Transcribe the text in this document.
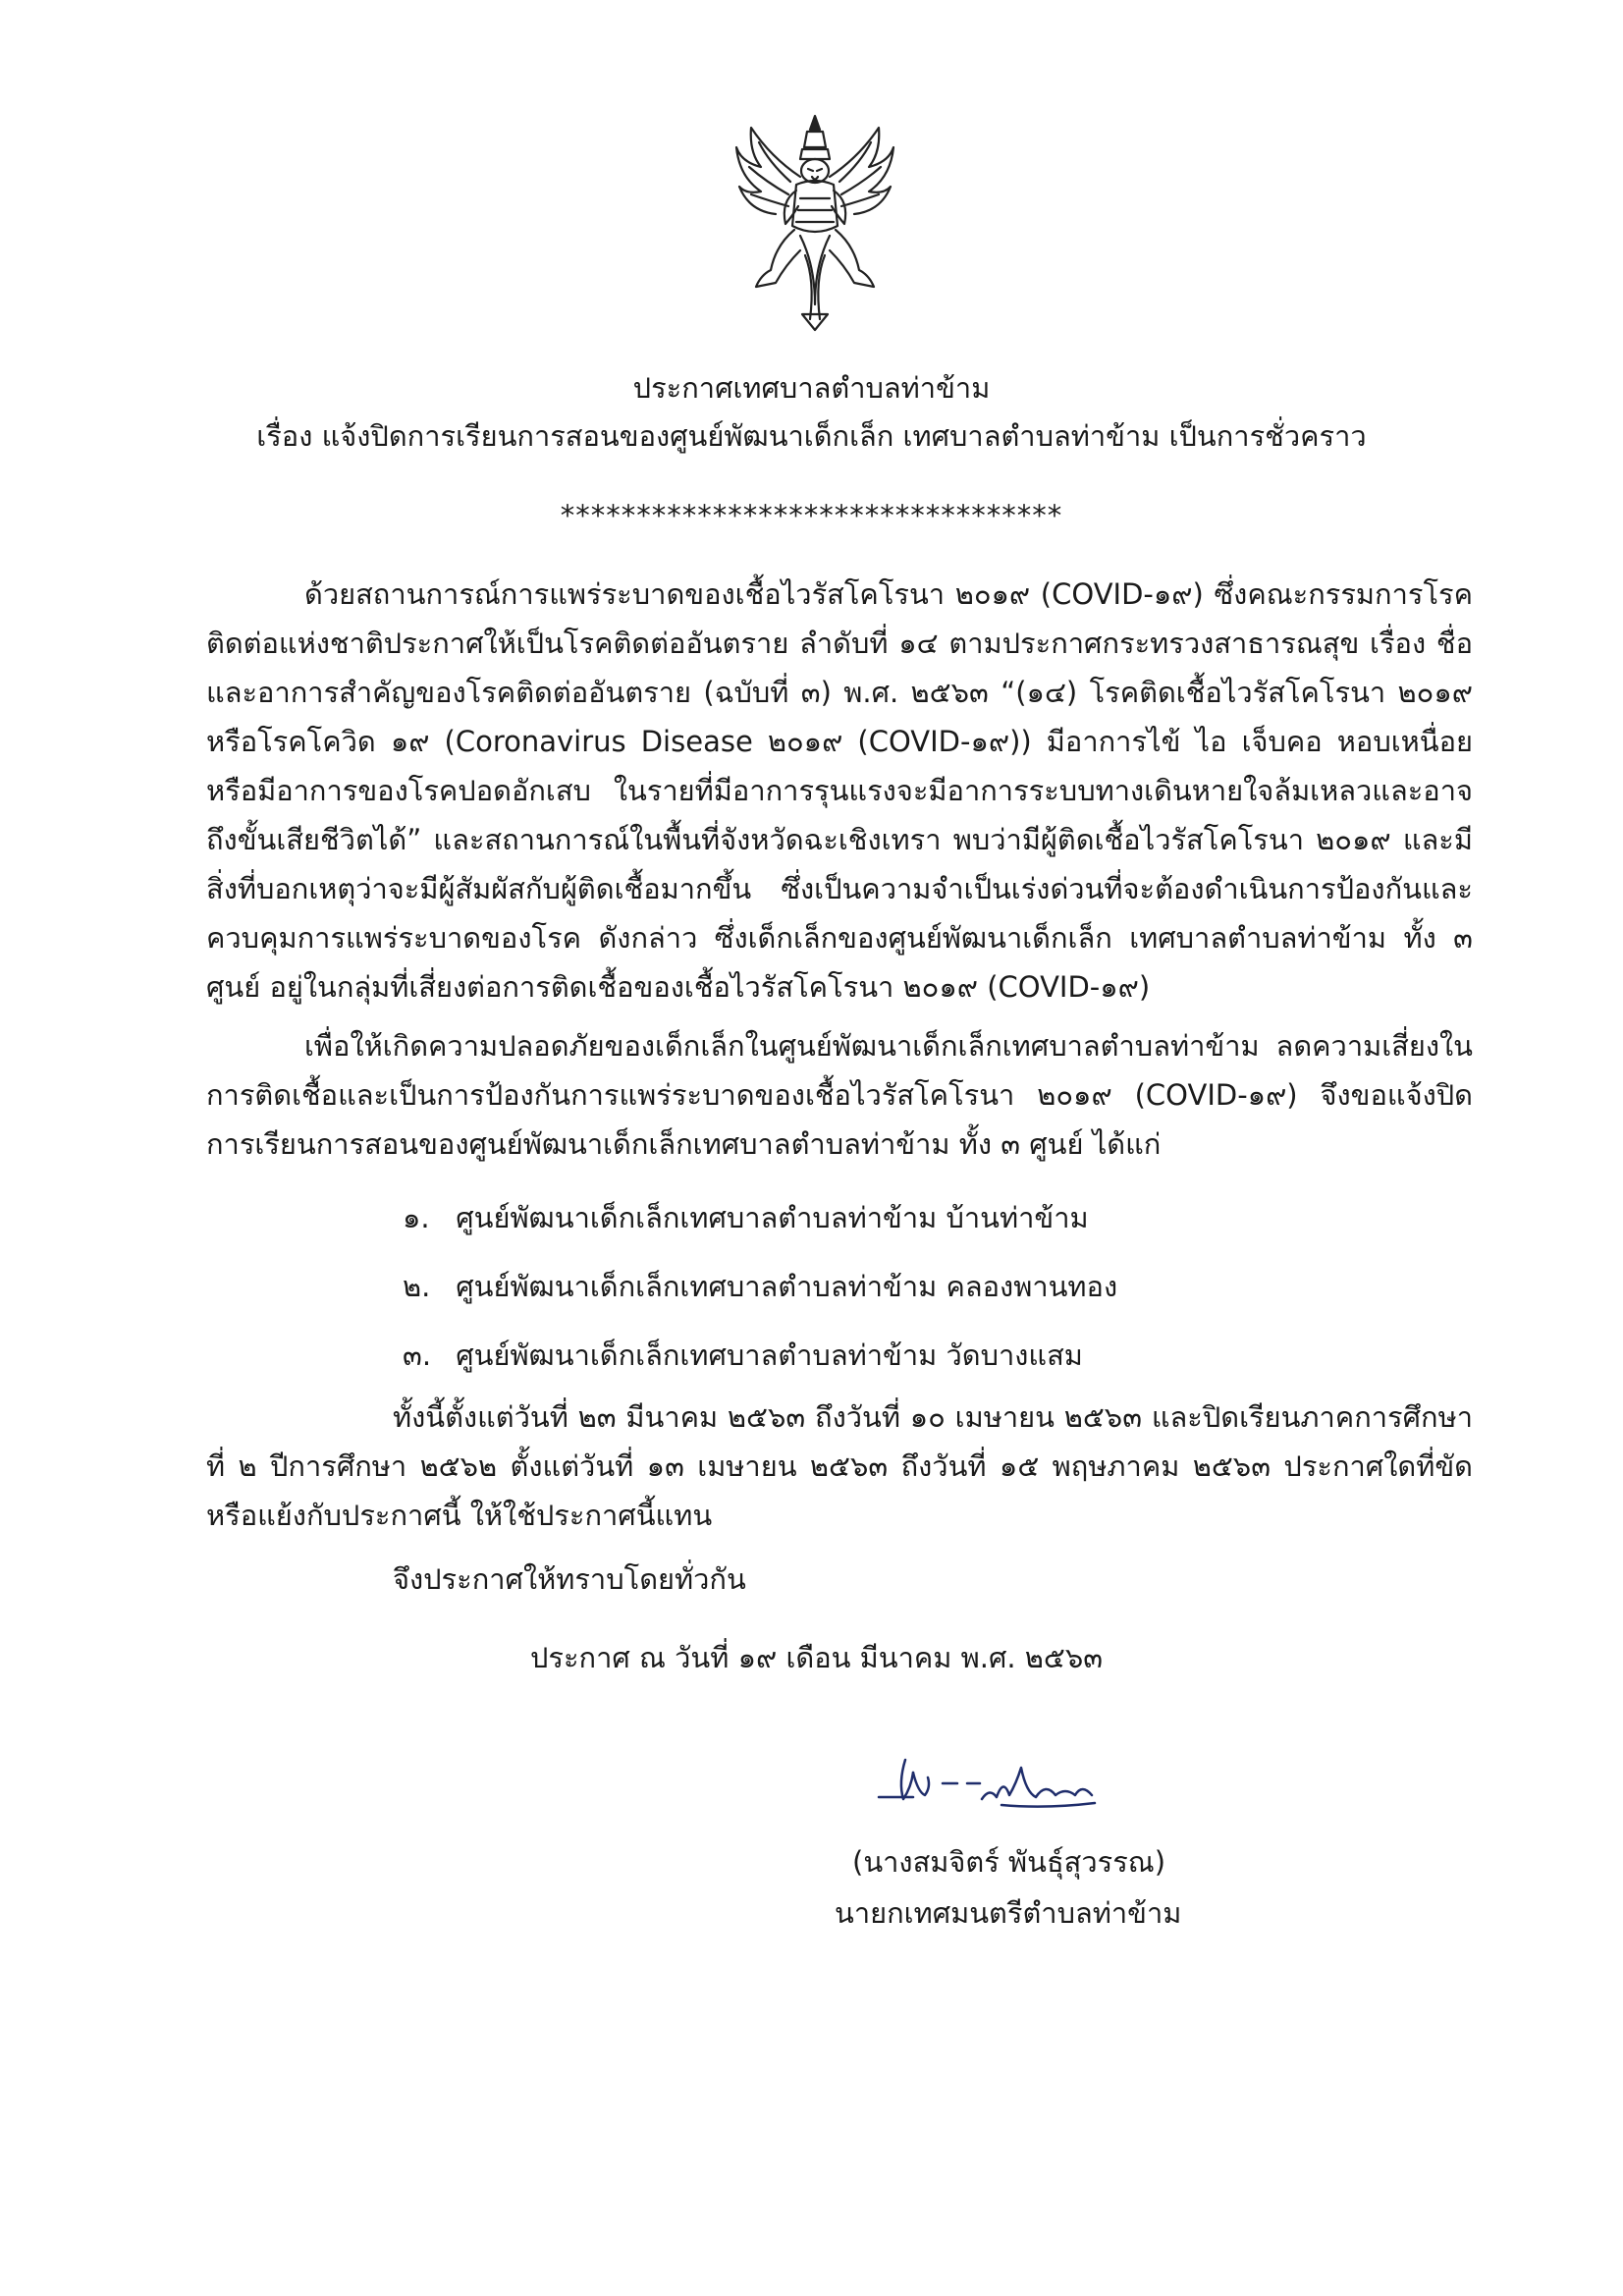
ประกาศเทศบาลตำบลท่าข้าม
เรื่อง แจ้งปิดการเรียนการสอนของศูนย์พัฒนาเด็กเล็ก เทศบาลตำบลท่าข้าม เป็นการชั่วคราว
*********************************
ด้วยสถานการณ์การแพร่ระบาดของเชื้อไวรัสโคโรนา ๒๐๑๙ (COVID-๑๙) ซึ่งคณะกรรมการโรคติดต่อแห่งชาติประกาศให้เป็นโรคติดต่ออันตราย ลำดับที่ ๑๔ ตามประกาศกระทรวงสาธารณสุข เรื่อง ชื่อและอาการสำคัญของโรคติดต่ออันตราย (ฉบับที่ ๓) พ.ศ. ๒๕๖๓ “(๑๔) โรคติดเชื้อไวรัสโคโรนา ๒๐๑๙ หรือโรคโควิด ๑๙ (Coronavirus Disease ๒๐๑๙ (COVID-๑๙)) มีอาการไข้ ไอ เจ็บคอ หอบเหนื่อย หรือมีอาการของโรคปอดอักเสบ ในรายที่มีอาการรุนแรงจะมีอาการระบบทางเดินหายใจล้มเหลวและอาจถึงขั้นเสียชีวิตได้” และสถานการณ์ในพื้นที่จังหวัดฉะเชิงเทรา พบว่ามีผู้ติดเชื้อไวรัสโคโรนา ๒๐๑๙ และมีสิ่งที่บอกเหตุว่าจะมีผู้สัมผัสกับผู้ติดเชื้อมากขึ้น ซึ่งเป็นความจำเป็นเร่งด่วนที่จะต้องดำเนินการป้องกันและควบคุมการแพร่ระบาดของโรค ดังกล่าว ซึ่งเด็กเล็กของศูนย์พัฒนาเด็กเล็ก เทศบาลตำบลท่าข้าม ทั้ง ๓ ศูนย์ อยู่ในกลุ่มที่เสี่ยงต่อการติดเชื้อของเชื้อไวรัสโคโรนา ๒๐๑๙ (COVID-๑๙)
เพื่อให้เกิดความปลอดภัยของเด็กเล็กในศูนย์พัฒนาเด็กเล็กเทศบาลตำบลท่าข้าม ลดความเสี่ยงในการติดเชื้อและเป็นการป้องกันการแพร่ระบาดของเชื้อไวรัสโคโรนา ๒๐๑๙ (COVID-๑๙) จึงขอแจ้งปิดการเรียนการสอนของศูนย์พัฒนาเด็กเล็กเทศบาลตำบลท่าข้าม ทั้ง ๓ ศูนย์ ได้แก่
๑. ศูนย์พัฒนาเด็กเล็กเทศบาลตำบลท่าข้าม บ้านท่าข้าม
๒. ศูนย์พัฒนาเด็กเล็กเทศบาลตำบลท่าข้าม คลองพานทอง
๓. ศูนย์พัฒนาเด็กเล็กเทศบาลตำบลท่าข้าม วัดบางแสม
ทั้งนี้ตั้งแต่วันที่ ๒๓ มีนาคม ๒๕๖๓ ถึงวันที่ ๑๐ เมษายน ๒๕๖๓ และปิดเรียนภาคการศึกษาที่ ๒ ปีการศึกษา ๒๕๖๒ ตั้งแต่วันที่ ๑๓ เมษายน ๒๕๖๓ ถึงวันที่ ๑๕ พฤษภาคม ๒๕๖๓ ประกาศใดที่ขัดหรือแย้งกับประกาศนี้ ให้ใช้ประกาศนี้แทน
จึงประกาศให้ทราบโดยทั่วกัน
ประกาศ ณ วันที่ ๑๙ เดือน มีนาคม พ.ศ. ๒๕๖๓
(นางสมจิตร์ พันธุ์สุวรรณ)
นายกเทศมนตรีตำบลท่าข้าม
